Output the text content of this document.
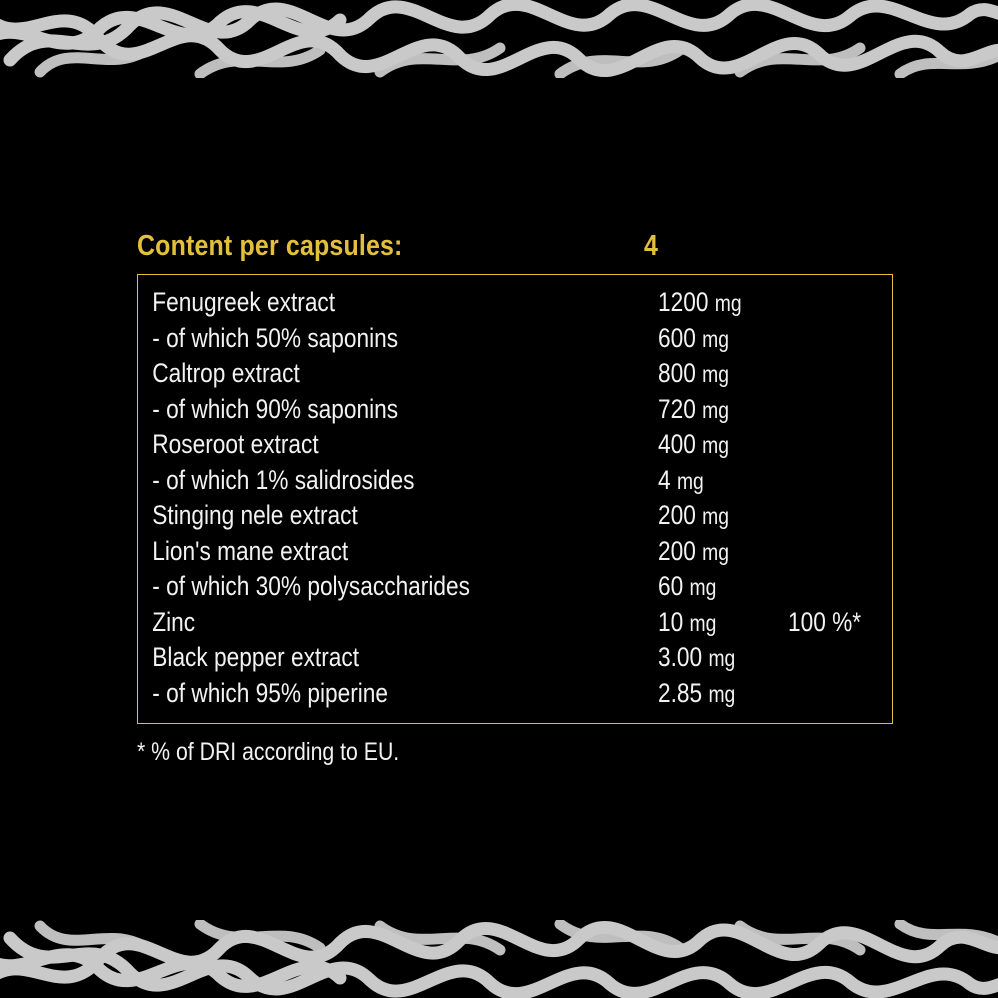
Content per capsules:	4
Fenugreek extract	1200 mg
- of which 50% saponins	600 mg
Caltrop extract	800 mg
- of which 90% saponins	720 mg
Roseroot extract	400 mg
- of which 1% salidrosides	4 mg
Stinging nele extract	200 mg
Lion's mane extract	200 mg
- of which 30% polysaccharides	60 mg
Zinc	10 mg	100 %*
Black pepper extract	3.00 mg
- of which 95% piperine	2.85 mg
* % of DRI according to EU.
